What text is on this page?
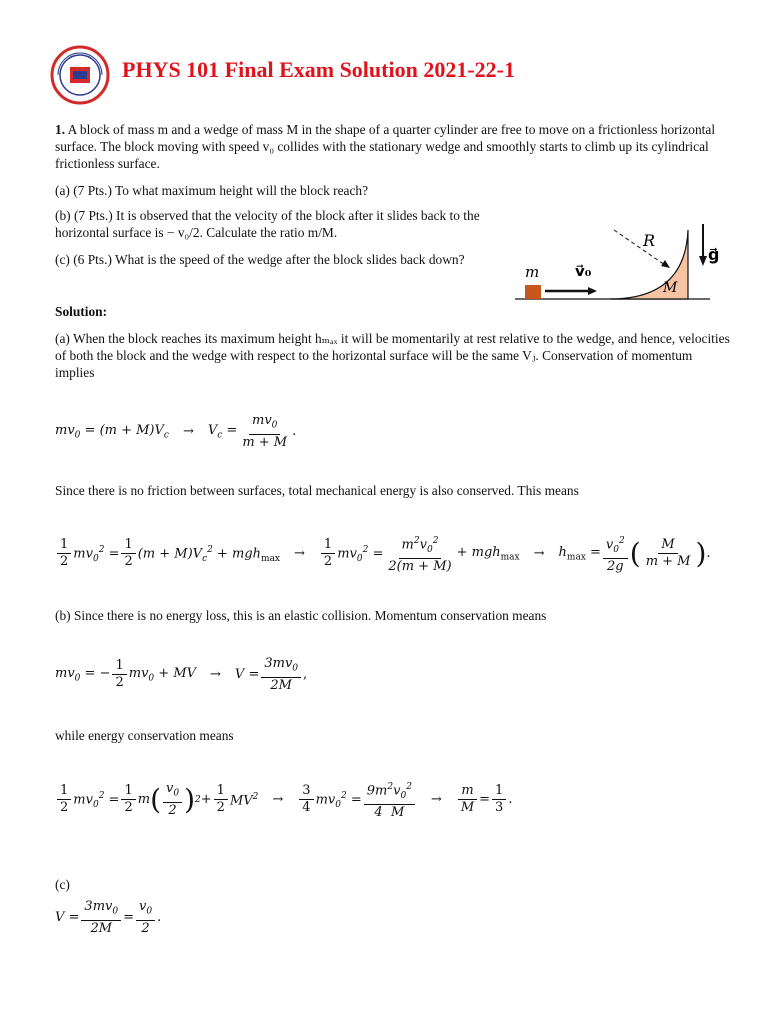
PHYS 101 Final Exam Solution 2021-22-1
1. A block of mass m and a wedge of mass M in the shape of a quarter cylinder are free to move on a frictionless horizontal surface. The block moving with speed v₀ collides with the stationary wedge and smoothly starts to climb up its cylindrical frictionless surface.
(a) (7 Pts.) To what maximum height will the block reach?
(b) (7 Pts.) It is observed that the velocity of the block after it slides back to the horizontal surface is − v₀/2. Calculate the ratio m/M.
(c) (6 Pts.) What is the speed of the wedge after the block slides back down?
m v⃗₀
R
M
g⃗
Solution:
(a) When the block reaches its maximum height hₘₐₓ it will be momentarily at rest relative to the wedge, and hence, velocities of both the block and the wedge with respect to the horizontal surface will be the same Vⱼ. Conservation of momentum implies
$mv_0 = (m + M)V_c \to V_c = \frac{mv_0}{m + M}$ .
Since there is no friction between surfaces, total mechanical energy is also conserved. This means
$\frac{1}{2} mv_0^2 = \frac{1}{2} (m + M)V_c^2 + mgh_{max} \to \frac{1}{2} mv_0^2 = \frac{m^2v_0^2}{2(m + M)} + mgh_{max} \to h_{max} = \frac{v_0^2}{2g}$ ( $\frac{M}{m + M}$ ) .
(b) Since there is no energy loss, this is an elastic collision. Momentum conservation means
$mv_0$ = − $\frac{1}{2} mv_0$ + MV → $V = \frac{3mv_0}{2M}$ ,
while energy conservation means
$\frac{1}{2} mv_0^2 = \frac{1}{2}$ m ( $\frac{v_0}{2}$ ) $2 + \frac{1}{2} MV^2 \to \frac{3}{4} mv_0^2 = \frac{9m^2v_0^2}{4 M} \to \frac{m}{M} = \frac{1}{3}$ .
(c)
$V = \frac{3mv_0}{2M} = \frac{v_0}{2}$ .
